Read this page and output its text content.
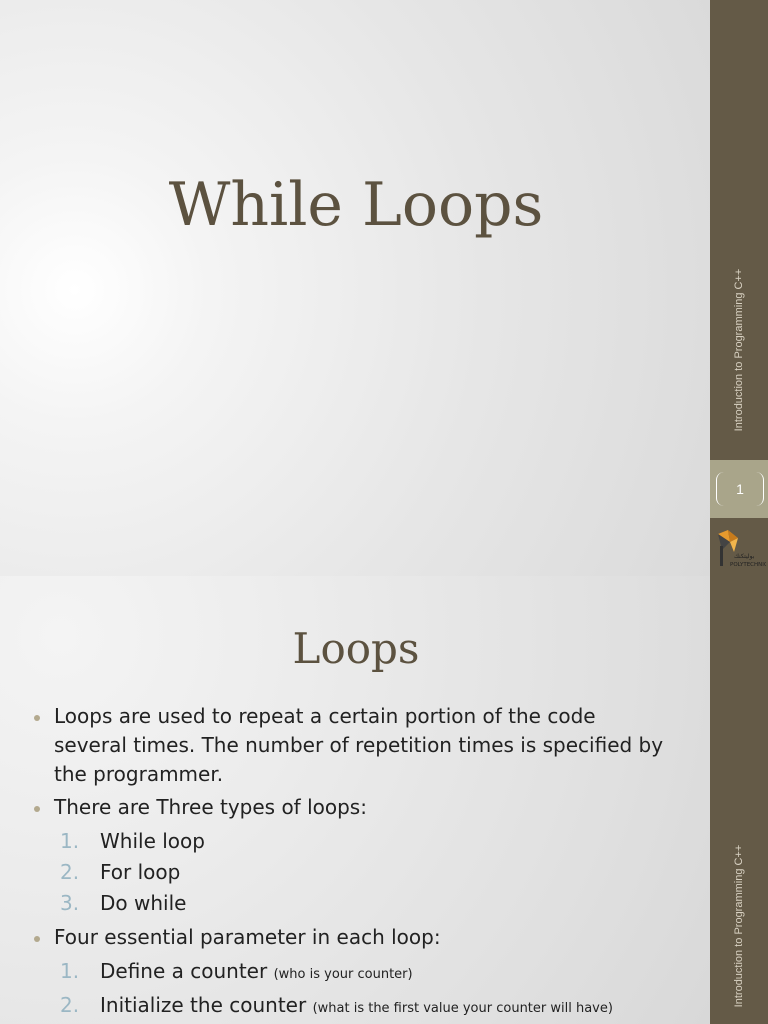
While Loops
Introduction to Programming C++
1
بوليتكنك
POLYTECHNIC
Loops
Introduction to Programming C++
Loops are used to repeat a certain portion of the code several times. The number of repetition times is specified by the programmer.
There are Three types of loops:
1. While loop
2. For loop
3. Do while
Four essential parameter in each loop:
1. Define a counter (who is your counter)
2. Initialize the counter (what is the first value your counter will have)
